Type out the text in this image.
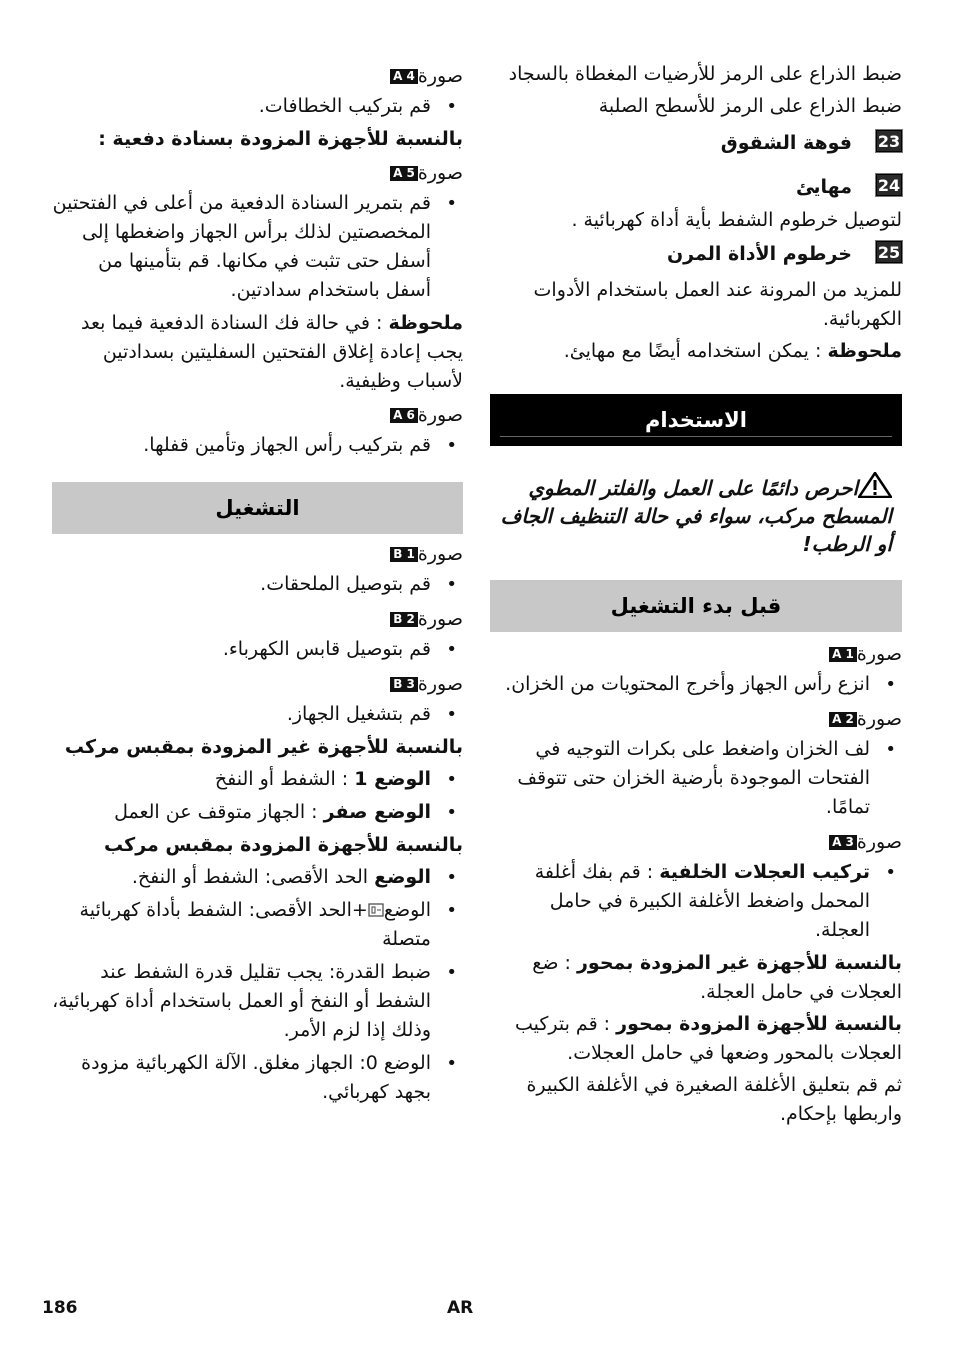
ضبط الذراع على الرمز للأرضيات المغطاة بالسجاد
ضبط الذراع على الرمز للأسطح الصلبة
23فوهة الشقوق
24مهايئ
لتوصيل خرطوم الشفط بأية أداة كهربائية .
25خرطوم الأداة المرن
للمزيد من المرونة عند العمل باستخدام الأدوات الكهربائية.
ملحوظة : يمكن استخدامه أيضًا مع مهايئ.
الاستخدام
احرص دائمًا على العمل والفلتر المطوي المسطح مركب، سواء في حالة التنظيف الجاف أو الرطب!
قبل بدء التشغيل
صورةA 1
• انزع رأس الجهاز وأخرج المحتويات من الخزان.
صورةA 2
• لف الخزان واضغط على بكرات التوجيه في الفتحات الموجودة بأرضية الخزان حتى تتوقف تمامًا.
صورةA 3
• تركيب العجلات الخلفية : قم بفك أغلفة المحمل واضغط الأغلفة الكبيرة في حامل العجلة.
بالنسبة للأجهزة غير المزودة بمحور : ضع العجلات في حامل العجلة.
بالنسبة للأجهزة المزودة بمحور : قم بتركيب العجلات بالمحور وضعها في حامل العجلات.
ثم قم بتعليق الأغلفة الصغيرة في الأغلفة الكبيرة واربطها بإحكام.
صورةA 4
• قم بتركيب الخطافات.
بالنسبة للأجهزة المزودة بسنادة دفعية :
صورةA 5
• قم بتمرير السنادة الدفعية من أعلى في الفتحتين المخصصتين لذلك برأس الجهاز واضغطها إلى أسفل حتى تثبت في مكانها. قم بتأمينها من أسفل باستخدام سدادتين.
ملحوظة : في حالة فك السنادة الدفعية فيما بعد يجب إعادة إغلاق الفتحتين السفليتين بسدادتين لأسباب وظيفية.
صورةA 6
• قم بتركيب رأس الجهاز وتأمين قفلها.
التشغيل
صورةB 1
• قم بتوصيل الملحقات.
صورةB 2
• قم بتوصيل قابس الكهرباء.
صورةB 3
• قم بتشغيل الجهاز.
بالنسبة للأجهزة غير المزودة بمقبس مركب
• الوضع 1 : الشفط أو النفخ
• الوضع صفر : الجهاز متوقف عن العمل
بالنسبة للأجهزة المزودة بمقبس مركب
• الوضع الحد الأقصى: الشفط أو النفخ.
• الوضع+الحد الأقصى: الشفط بأداة كهربائية متصلة
• ضبط القدرة: يجب تقليل قدرة الشفط عند الشفط أو النفخ أو العمل باستخدام أداة كهربائية، وذلك إذا لزم الأمر.
• الوضع 0: الجهاز مغلق. الآلة الكهربائية مزودة بجهد كهربائي.
186	AR
